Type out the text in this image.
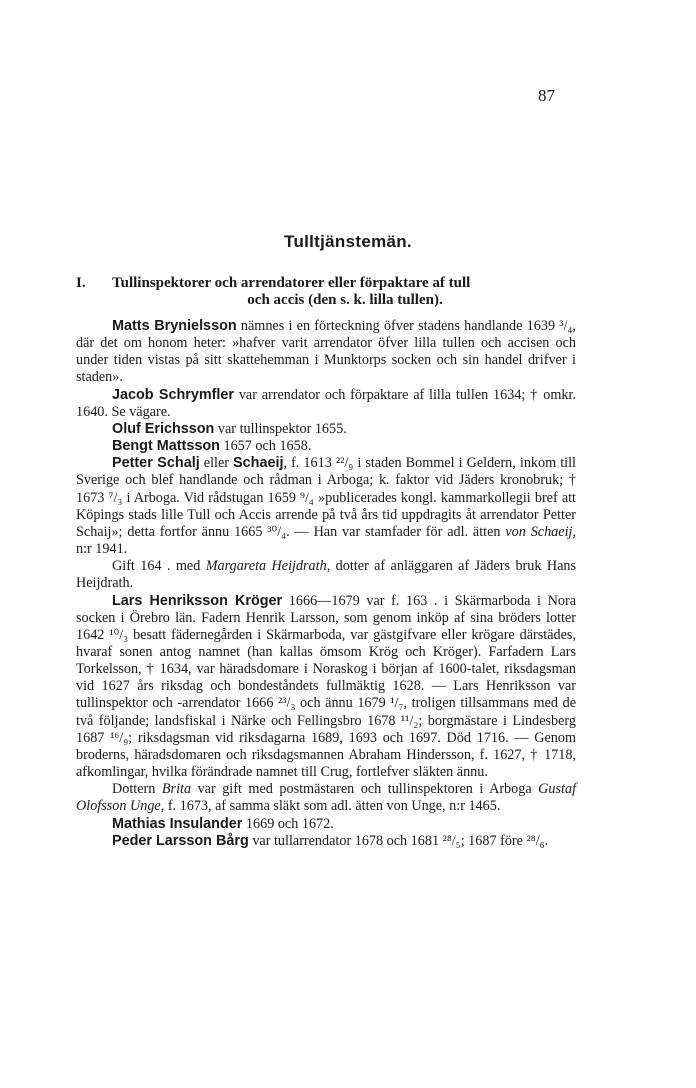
87
Tulltjänstemän.
I.	Tullinspektorer och arrendatorer eller förpaktare af tull
och accis (den s. k. lilla tullen).

Matts Brynielsson nämnes i en förteckning öfver stadens handlande 1639 ³/₄, där det om honom heter: »hafver varit arrendator öfver lilla tullen och accisen och under tiden vistas på sitt skattehemman i Munktorps socken och sin handel drifver i staden».

Jacob Schrymfler var arrendator och förpaktare af lilla tullen 1634; † omkr. 1640. Se vägare.

Oluf Erichsson var tullinspektor 1655.

Bengt Mattsson 1657 och 1658.

Petter Schalj eller Schaeij, f. 1613 ²²/₉ i staden Bommel i Geldern, inkom till Sverige och blef handlande och rådman i Arboga; k. faktor vid Jäders kronobruk; † 1673 ⁷/₃ i Arboga. Vid rådstugan 1659 ⁹/₄ »publicerades kongl. kammarkollegii bref att Köpings stads lille Tull och Accis arrende på två års tid uppdragits åt arrendator Petter Schaij»; detta fortfor ännu 1665 ³⁰/₄. — Han var stamfader för adl. ätten von Schaeij, n:r 1941.

Gift 164 . med Margareta Heijdrath, dotter af anläggaren af Jäders bruk Hans Heijdrath.

Lars Henriksson Kröger 1666—1679 var f. 163 . i Skärmarboda i Nora socken i Örebro län. Fadern Henrik Larsson, som genom inköp af sina bröders lotter 1642 ¹⁰/₃ besatt fädernegården i Skärmarboda, var gästgifvare eller krögare därstädes, hvaraf sonen antog namnet (han kallas ömsom Krög och Kröger). Farfadern Lars Torkelsson, † 1634, var häradsdomare i Noraskog i början af 1600-talet, riksdagsman vid 1627 års riksdag och bondeståndets fullmäktig 1628. — Lars Henriksson var tullinspektor och -arrendator 1666 ²³/₃ och ännu 1679 ¹/₇, troligen tillsammans med de två följande; landsfiskal i Närke och Fellingsbro 1678 ¹¹/₂; borgmästare i Lindesberg 1687 ¹⁶/₉; riksdagsman vid riksdagarna 1689, 1693 och 1697. Död 1716. — Genom broderns, häradsdomaren och riksdagsmannen Abraham Hindersson, f. 1627, † 1718, afkomlingar, hvilka förändrade namnet till Crug, fortlefver släkten ännu.

Dottern Brita var gift med postmästaren och tullinspektoren i Arboga Gustaf Olofsson Unge, f. 1673, af samma släkt som adl. ätten von Unge, n:r 1465.

Mathias Insulander 1669 och 1672.

Peder Larsson Bårg var tullarrendator 1678 och 1681 ²⁸/₅; 1687 före ²⁸/₆.
